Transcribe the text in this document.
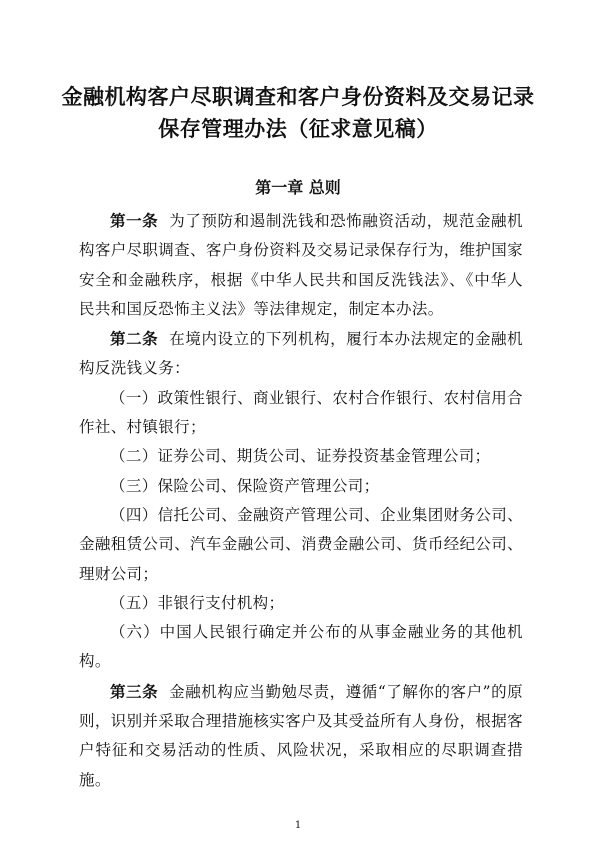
金融机构客户尽职调查和客户身份资料及交易记录
保存管理办法（征求意见稿）
第一章 总则

第一条 为了预防和遏制洗钱和恐怖融资活动，规范金融机构客户尽职调查、客户身份资料及交易记录保存行为，维护国家安全和金融秩序，根据《中华人民共和国反洗钱法》、《中华人民共和国反恐怖主义法》等法律规定，制定本办法。

第二条 在境内设立的下列机构，履行本办法规定的金融机构反洗钱义务：

（一）政策性银行、商业银行、农村合作银行、农村信用合作社、村镇银行；

（二）证券公司、期货公司、证券投资基金管理公司；

（三）保险公司、保险资产管理公司；

（四）信托公司、金融资产管理公司、企业集团财务公司、金融租赁公司、汽车金融公司、消费金融公司、货币经纪公司、理财公司；

（五）非银行支付机构；

（六）中国人民银行确定并公布的从事金融业务的其他机构。

第三条 金融机构应当勤勉尽责，遵循“了解你的客户”的原则，识别并采取合理措施核实客户及其受益所有人身份，根据客户特征和交易活动的性质、风险状况，采取相应的尽职调查措施。

1
